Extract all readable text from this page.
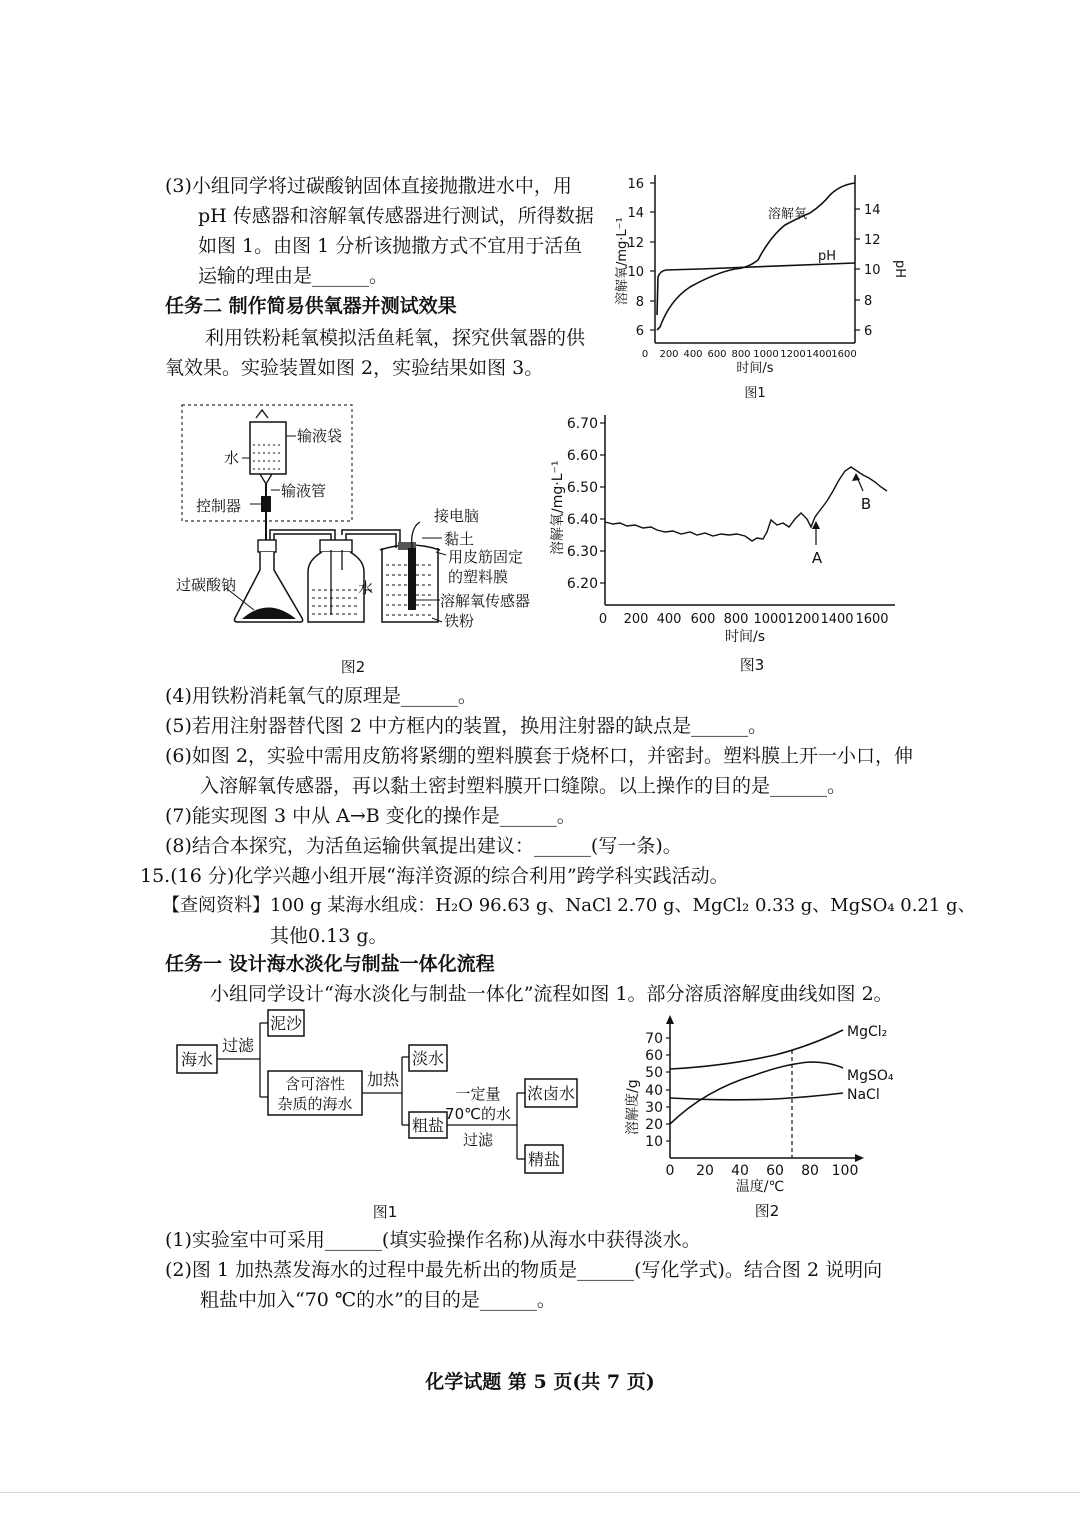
(3)小组同学将过碳酸钠固体直接抛撒进水中，用
pH 传感器和溶解氧传感器进行测试，所得数据
如图 1。由图 1 分析该抛撒方式不宜用于活鱼
运输的理由是______。
任务二 制作简易供氧器并测试效果
利用铁粉耗氧模拟活鱼耗氧，探究供氧器的供
氧效果。实验装置如图 2，实验结果如图 3。
6
8
10
12
14
16
6
8
10
12
14
0 200 400 600 800 1000 1200 1400 1600
溶解氧
pH
溶解氧/mg·L⁻¹	pH
时间/s
图1
输液袋
水
输液管
控制器
过碳酸钠	水
接电脑
黏土
用皮筋固定
的塑料膜
溶解氧传感器
铁粉
图2
6.20
6.30
6.40
6.50
6.60
6.70
0 200 400 600 800 1000 1200 1400 1600
A
B
溶解氧/mg·L⁻¹
时间/s
图3
(4)用铁粉消耗氧气的原理是______。
(5)若用注射器替代图 2 中方框内的装置，换用注射器的缺点是______。
(6)如图 2，实验中需用皮筋将紧绷的塑料膜套于烧杯口，并密封。塑料膜上开一小口，伸
入溶解氧传感器，再以黏土密封塑料膜开口缝隙。以上操作的目的是______。
(7)能实现图 3 中从 A→B 变化的操作是______。
(8)结合本探究，为活鱼运输供氧提出建议：______(写一条)。
15.(16 分)化学兴趣小组开展“海洋资源的综合利用”跨学科实践活动。
【查阅资料】100 g 某海水组成：H₂O 96.63 g、NaCl 2.70 g、MgCl₂ 0.33 g、MgSO₄ 0.21 g、
其他0.13 g。
任务一 设计海水淡化与制盐一体化流程
小组同学设计“海水淡化与制盐一体化”流程如图 1。部分溶质溶解度曲线如图 2。
海水
过滤
泥沙
含可溶性
杂质的海水
加热
淡水
粗盐
一定量
70℃的水
过滤
浓卤水
精盐
图1
10
20
30
40
50
60
70
0 20 40 60 80 100
MgCl₂
MgSO₄
NaCl
溶解度/g
温度/℃
图2
(1)实验室中可采用______(填实验操作名称)从海水中获得淡水。
(2)图 1 加热蒸发海水的过程中最先析出的物质是______(写化学式)。结合图 2 说明向
粗盐中加入“70 ℃的水”的目的是______。
化学试题 第 5 页(共 7 页)
